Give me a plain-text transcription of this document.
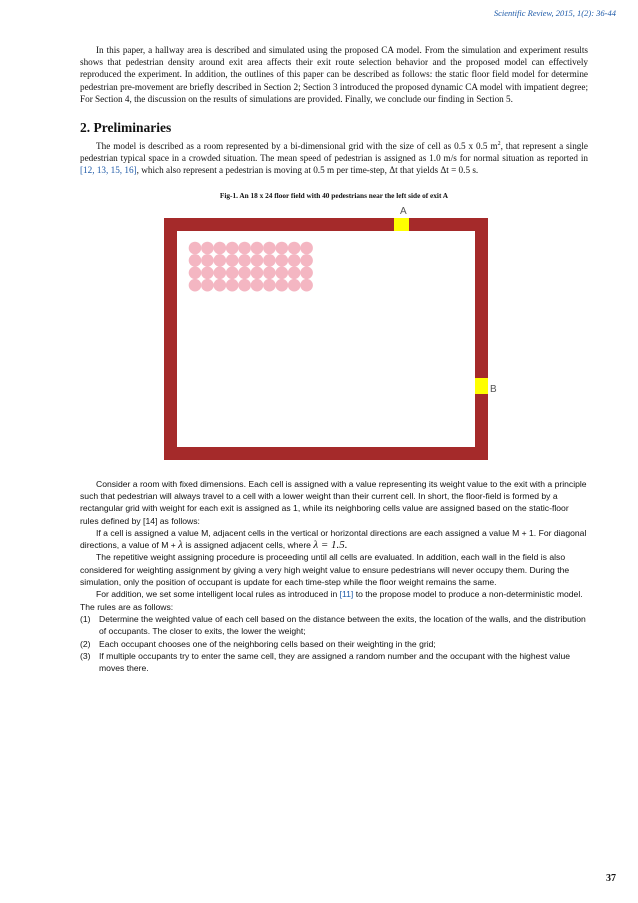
Scientific Review, 2015, 1(2): 36-44

In this paper, a hallway area is described and simulated using the proposed CA model. From the simulation and experiment results shows that pedestrian density around exit area affects their exit route selection behavior and the proposed model can effectively reproduced the experiment. In addition, the outlines of this paper can be described as follows: the static floor field model for determine pedestrian pre-movement are briefly described in Section 2; Section 3 introduced the proposed dynamic CA model with impatient degree; For Section 4, the discussion on the results of simulations are provided. Finally, we conclude our finding in Section 5.

2. Preliminaries

The model is described as a room represented by a bi-dimensional grid with the size of cell as 0.5 x 0.5 $m^2$, that represent a single pedestrian typical space in a crowded situation. The mean speed of pedestrian is assigned as 1.0 m/s for normal situation as reported in [12, 13, 15, 16], which also represent a pedestrian is moving at 0.5 m per time-step, Δt that yields Δt = 0.5 s.

Fig-1. An 18 x 24 floor field with 40 pedestrians near the left side of exit A
A
B

Consider a room with fixed dimensions. Each cell is assigned with a value representing its weight value to the exit with a principle such that pedestrian will always travel to a cell with a lower weight than their current cell. In short, the floor-field is formed by a rectangular grid with weight for each exit is assigned as 1, while its neighboring cells value are assigned based on the static-floor rules defined by [14] as follows:

If a cell is assigned a value M, adjacent cells in the vertical or horizontal directions are each assigned a value M + 1. For diagonal directions, a value of M + λ is assigned adjacent cells, where λ = 1.5.

The repetitive weight assigning procedure is proceeding until all cells are evaluated. In addition, each wall in the field is also considered for weighting assignment by giving a very high weight value to ensure pedestrians will never occupy them. During the simulation, only the position of occupant is update for each time-step while the floor weight remains the same.

For addition, we set some intelligent local rules as introduced in [11] to the propose model to produce a non-deterministic model. The rules are as follows:

(1) Determine the weighted value of each cell based on the distance between the exits, the location of the walls, and the distribution of occupants. The closer to exits, the lower the weight;
(2) Each occupant chooses one of the neighboring cells based on their weighting in the grid;
(3) If multiple occupants try to enter the same cell, they are assigned a random number and the occupant with the highest value moves there.
37
